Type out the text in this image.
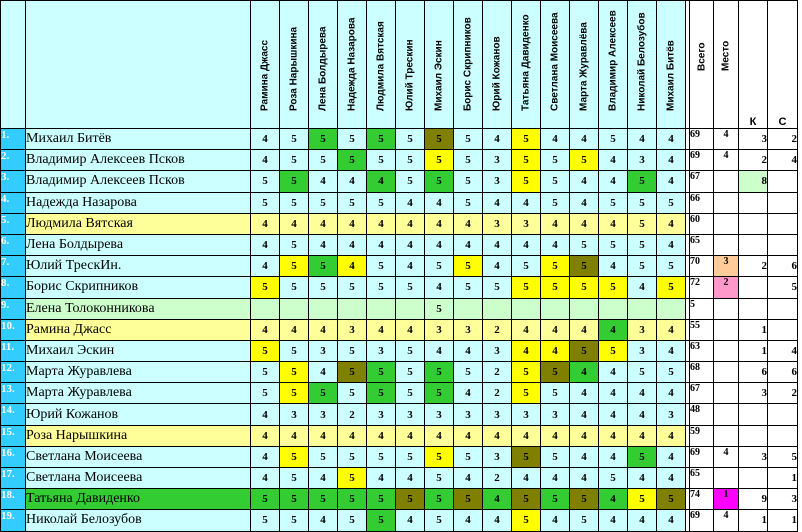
		Рамина Джасс	Роза Нарышкина	Лена Болдырева	Надежда Назарова	Людмила Вятская	Юлий Трескин	Михаил Эскин	Борис Скрипников	Юрий Кожанов	Татьяна Давиденко	Светлана Моисеева	Марта Журавлёва	Владимир Алексеев	Николай Белозубов	Михаил Битёв		Всего	Место	К	С
1.	Михаил Битёв	4	5	5	5	5	5	5	5	4	5	4	4	5	4	4		69	4	3	2
2.	Владимир Алексеев Псков	4	5	5	5	5	5	5	5	3	5	5	5	4	3	4		69	4	2	4
3.	Владимир Алексеев Псков	5	5	4	4	4	5	5	5	3	5	5	4	4	5	4		67		8	
4.	Надежда Назарова	5	5	5	5	5	4	4	5	4	4	5	4	5	5	5		66			
5.	Людмила Вятская	4	4	4	4	4	4	4	4	3	3	4	4	4	5	4		60			
6.	Лена Болдырева	4	5	4	4	4	4	4	4	4	4	4	5	5	5	4		65			
7.	Юлий ТрескИн.	4	5	5	4	5	4	5	5	4	5	5	5	4	5	5		70	3	2	6
8.	Борис Скрипников	5	5	5	5	5	5	4	5	5	5	5	5	5	4	5		72	2		5
9.	Елена Толоконникова							5										5			
10.	Рамина Джасс	4	4	4	3	4	4	3	3	2	4	4	4	4	3	4		55		1	
11.	Михаил Эскин	5	5	3	5	3	5	4	4	3	4	4	5	5	3	4		63		1	4
12.	Марта Журавлева	5	5	4	5	5	5	5	5	2	5	5	4	4	5	5		68		6	6
13.	Марта Журавлева	5	5	5	5	5	5	5	4	2	5	5	4	4	4	4		67		3	2
14.	Юрий Кожанов	4	3	3	2	3	3	3	3	3	3	3	4	4	4	3		48			
15.	Роза Нарышкина	4	4	4	4	4	4	4	4	4	4	4	4	4	4	4		59			
16.	Светлана Моисеева	4	5	5	5	5	5	5	5	3	5	5	4	4	5	4		69	4	3	5
17.	Светлана Моисеева	4	5	4	5	4	4	5	4	2	4	4	4	5	4	4		65			1
18.	Татьяна Давиденко	5	5	5	5	5	5	5	5	4	5	5	5	4	5	5		74	1	9	3
19.	Николай Белозубов	5	5	4	5	5	4	5	4	4	5	4	5	4	4	4		69	4	1	1
